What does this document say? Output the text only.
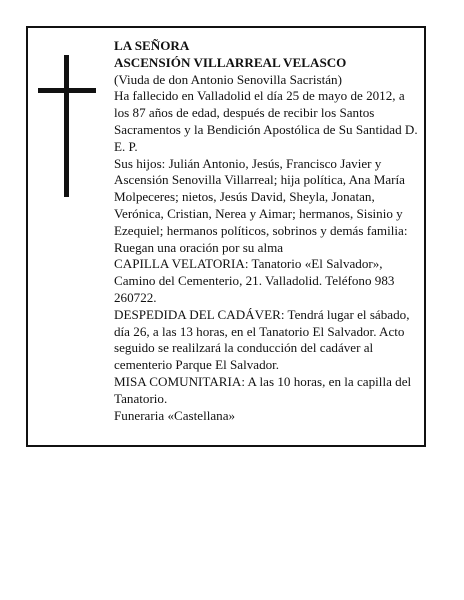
LA SEÑORA

ASCENSIÓN VILLARREAL VELASCO

(Viuda de don Antonio Senovilla Sacristán)

Ha fallecido en Valladolid el día 25 de mayo de 2012, a los 87 años de edad, después de recibir los Santos Sacramentos y la Bendición Apostólica de Su Santidad D. E. P.

Sus hijos: Julián Antonio, Jesús, Francisco Javier y Ascensión Senovilla Villarreal; hija política, Ana María Molpeceres; nietos, Jesús David, Sheyla, Jonatan, Verónica, Cristian, Nerea y Aimar; hermanos, Sisinio y Ezequiel; hermanos políticos, sobrinos y demás familia:

Ruegan una oración por su alma

CAPILLA VELATORIA: Tanatorio «El Salvador», Camino del Cementerio, 21. Valladolid. Teléfono 983 260722.

DESPEDIDA DEL CADÁVER: Tendrá lugar el sábado, día 26, a las 13 horas, en el Tanatorio El Salvador. Acto seguido se realilzará la conducción del cadáver al cementerio Parque El Salvador.

MISA COMUNITARIA: A las 10 horas, en la capilla del Tanatorio.

Funeraria «Castellana»
